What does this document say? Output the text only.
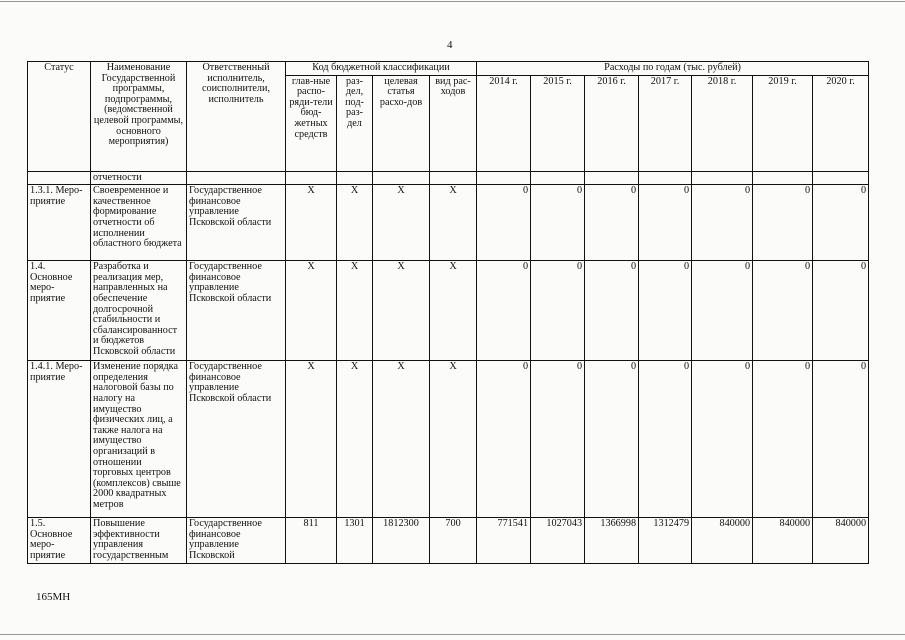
4
Статус	Наименование Государственной программы, подпрограммы, (ведомственной целевой программы, основного мероприятия)	Ответственный исполнитель, соисполнители, исполнитель	Код бюджетной классификации				Расходы по годам (тыс. рублей)						
			глав-ные распо-ряди-тели бюд-жетных средств	раз-дел, под-раз-дел	целевая статья расхо-дов	вид рас-ходов	2014 г.	2015 г.	2016 г.	2017 г.	2018 г.	2019 г.	2020 г.
	отчетности												
1.3.1. Меро-приятие	Своевременное и качественное формирование отчетности об исполнении областного бюджета	Государственное финансовое управление Псковской области	Х	Х	Х	Х	0	0	0	0	0	0	0
1.4. Основное меро-приятие	Разработка и реализация мер, направленных на обеспечение долгосрочной стабильности и сбалансированност и бюджетов Псковской области	Государственное финансовое управление Псковской области	Х	Х	Х	Х	0	0	0	0	0	0	0
1.4.1. Меро-приятие	Изменение порядка определения налоговой базы по налогу на имущество физических лиц, а также налога на имущество организаций в отношении торговых центров (комплексов) свыше 2000 квадратных метров	Государственное финансовое управление Псковской области	Х	Х	Х	Х	0	0	0	0	0	0	0
1.5. Основное меро-приятие	Повышение эффективности управления государственным	Государственное финансовое управление Псковской	811	1301	1812300	700	771541	1027043	1366998	1312479	840000	840000	840000
165МН
